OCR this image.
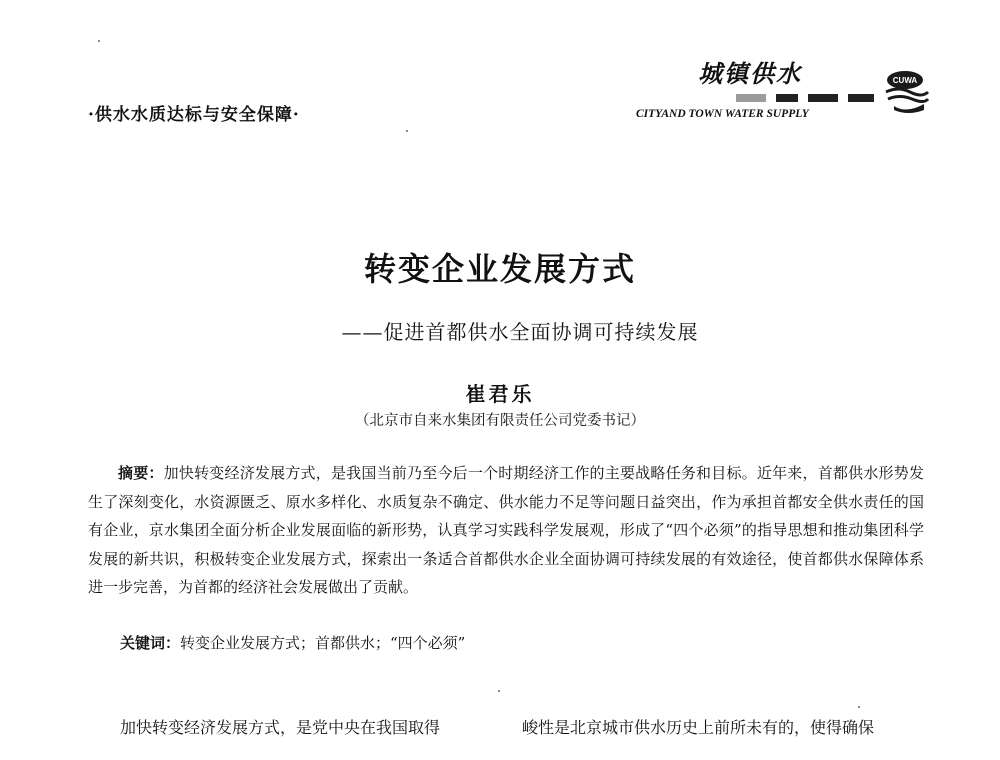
·供水水质达标与安全保障·
城镇供水
CITYAND TOWN WATER SUPPLY
CUWA
转变企业发展方式
——促进首都供水全面协调可持续发展
崔君乐
（北京市自来水集团有限责任公司党委书记）
摘要：加快转变经济发展方式，是我国当前乃至今后一个时期经济工作的主要战略任务和目标。近年来，首都供水形势发生了深刻变化，水资源匮乏、原水多样化、水质复杂不确定、供水能力不足等问题日益突出，作为承担首都安全供水责任的国有企业，京水集团全面分析企业发展面临的新形势，认真学习实践科学发展观，形成了“四个必须”的指导思想和推动集团科学发展的新共识，积极转变企业发展方式，探索出一条适合首都供水企业全面协调可持续发展的有效途径，使首都供水保障体系进一步完善，为首都的经济社会发展做出了贡献。
关键词：转变企业发展方式；首都供水；“四个必须”
加快转变经济发展方式，是党中央在我国取得	峻性是北京城市供水历史上前所未有的，使得确保
